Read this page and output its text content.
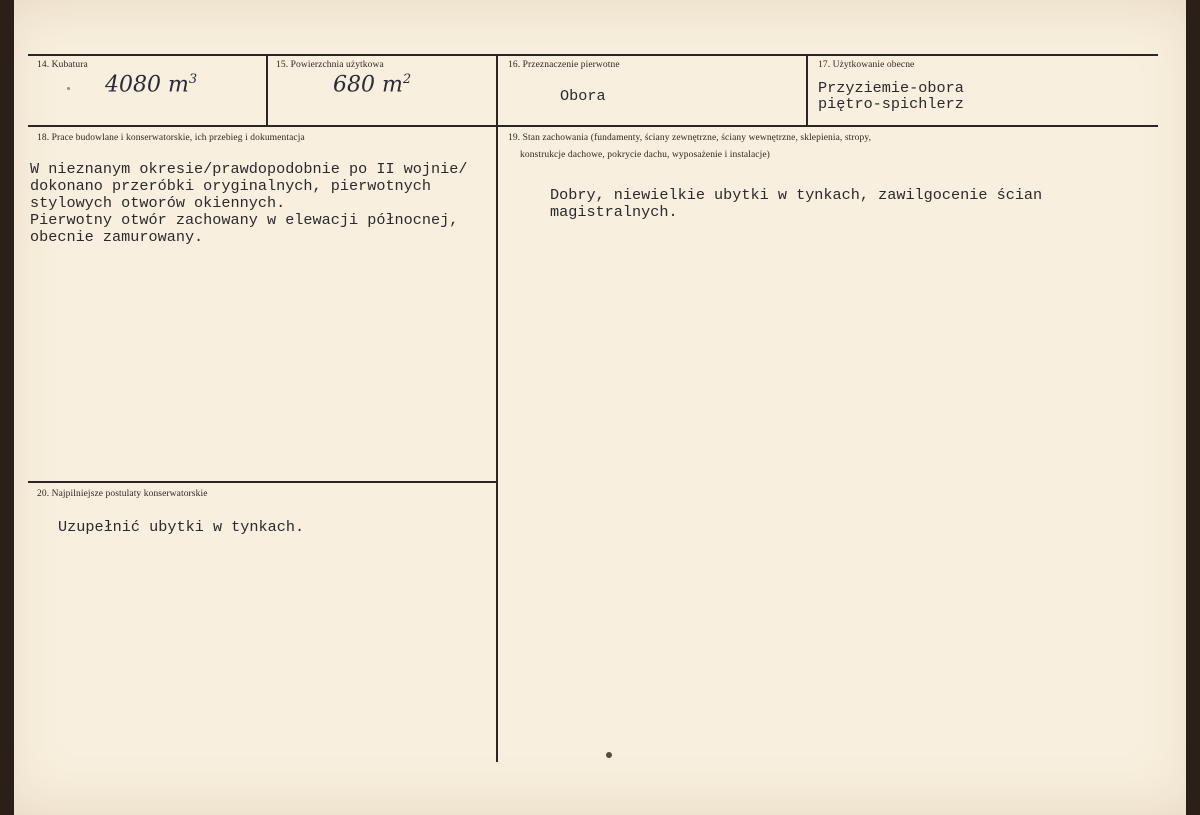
14. Kubatura
4080 $m^3$
15. Powierzchnia użytkowa
680 $m^2$
16. Przeznaczenie pierwotne
Obora
17. Użytkowanie obecne
Przyziemie-obora
piętro-spichlerz
18. Prace budowlane i konserwatorskie, ich przebieg i dokumentacja
W nieznanym okresie/prawdopodobnie po II wojnie/
dokonano przeróbki oryginalnych, pierwotnych
stylowych otworów okiennych.
Pierwotny otwór zachowany w elewacji północnej,
obecnie zamurowany.
19. Stan zachowania (fundamenty, ściany zewnętrzne, ściany wewnętrzne, sklepienia, stropy,
konstrukcje dachowe, pokrycie dachu, wyposażenie i instalacje)
Dobry, niewielkie ubytki w tynkach, zawilgocenie ścian
magistralnych.
20. Najpilniejsze postulaty konserwatorskie
Uzupełnić ubytki w tynkach.
